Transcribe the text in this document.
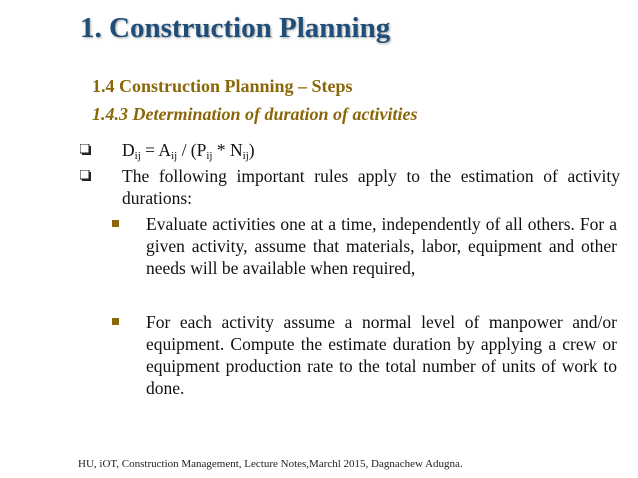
1. Construction Planning
1.4 Construction Planning – Steps
1.4.3 Determination of duration of activities
$D_{ij} = A_{ij} / (P_{ij} * N_{ij})$
The following important rules apply to the estimation of activity durations:
Evaluate activities one at a time, independently of all others. For a given activity, assume that materials, labor, equipment and other needs will be available when required,
For each activity assume a normal level of manpower and/or equipment. Compute the estimate duration by applying a crew or equipment production rate to the total number of units of work to done.
HU, iOT, Construction Management, Lecture Notes,Marchl 2015, Dagnachew Adugna.
